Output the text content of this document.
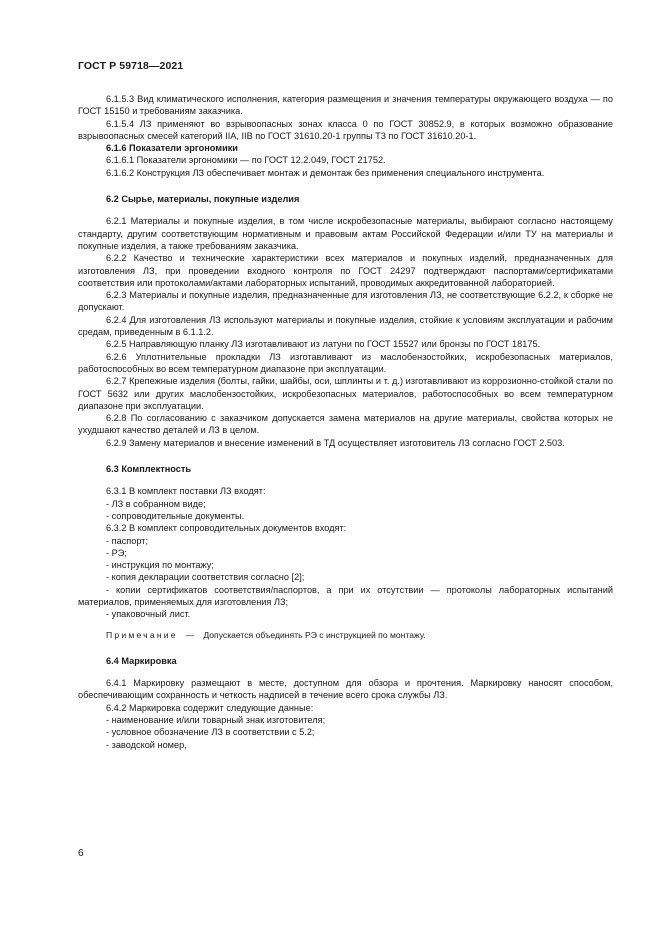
ГОСТ Р 59718—2021
6.1.5.3 Вид климатического исполнения, категория размещения и значения температуры окружающего воздуха — по ГОСТ 15150 и требованиям заказчика.
6.1.5.4 ЛЗ применяют во взрывоопасных зонах класса 0 по ГОСТ 30852.9, в которых возможно образование взрывоопасных смесей категорий IIA, IIB по ГОСТ 31610.20-1 группы Т3 по ГОСТ 31610.20-1.
6.1.6 Показатели эргономики
6.1.6.1 Показатели эргономики — по ГОСТ 12.2.049, ГОСТ 21752.
6.1.6.2 Конструкция ЛЗ обеспечивает монтаж и демонтаж без применения специального инструмента.
6.2 Сырье, материалы, покупные изделия
6.2.1 Материалы и покупные изделия, в том числе искробезопасные материалы, выбирают согласно настоящему стандарту, другим соответствующим нормативным и правовым актам Российской Федерации и/или ТУ на материалы и покупные изделия, а также требованиям заказчика.
6.2.2 Качество и технические характеристики всех материалов и покупных изделий, предназначенных для изготовления ЛЗ, при проведении входного контроля по ГОСТ 24297 подтверждают паспортами/сертификатами соответствия или протоколами/актами лабораторных испытаний, проводимых аккредитованной лабораторией.
6.2.3 Материалы и покупные изделия, предназначенные для изготовления ЛЗ, не соответствующие 6.2.2, к сборке не допускают.
6.2.4 Для изготовления ЛЗ используют материалы и покупные изделия, стойкие к условиям эксплуатации и рабочим средам, приведенным в 6.1.1.2.
6.2.5 Направляющую планку ЛЗ изготавливают из латуни по ГОСТ 15527 или бронзы по ГОСТ 18175.
6.2.6 Уплотнительные прокладки ЛЗ изготавливают из маслобензостойких, искробезопасных материалов, работоспособных во всем температурном диапазоне при эксплуатации.
6.2.7 Крепежные изделия (болты, гайки, шайбы, оси, шплинты и т. д.) изготавливают из коррозионно-стойкой стали по ГОСТ 5632 или других маслобензостойких, искробезопасных материалов, работоспособных во всем температурном диапазоне при эксплуатации.
6.2.8 По согласованию с заказчиком допускается замена материалов на другие материалы, свойства которых не ухудшают качество деталей и ЛЗ в целом.
6.2.9 Замену материалов и внесение изменений в ТД осуществляет изготовитель ЛЗ согласно ГОСТ 2.503.
6.3 Комплектность
6.3.1 В комплект поставки ЛЗ входят:
- ЛЗ в собранном виде;
- сопроводительные документы.
6.3.2 В комплект сопроводительных документов входят:
- паспорт;
- РЭ;
- инструкция по монтажу;
- копия декларации соответствия согласно [2];
- копии сертификатов соответствия/паспортов, а при их отсутствии — протоколы лабораторных испытаний материалов, применяемых для изготовления ЛЗ;
- упаковочный лист.
Примечание — Допускается объединять РЭ с инструкцией по монтажу.
6.4 Маркировка
6.4.1 Маркировку размещают в месте, доступном для обзора и прочтения. Маркировку наносят способом, обеспечивающим сохранность и четкость надписей в течение всего срока службы ЛЗ.
6.4.2 Маркировка содержит следующие данные:
- наименование и/или товарный знак изготовителя;
- условное обозначение ЛЗ в соответствии с 5.2;
- заводской номер,
6
